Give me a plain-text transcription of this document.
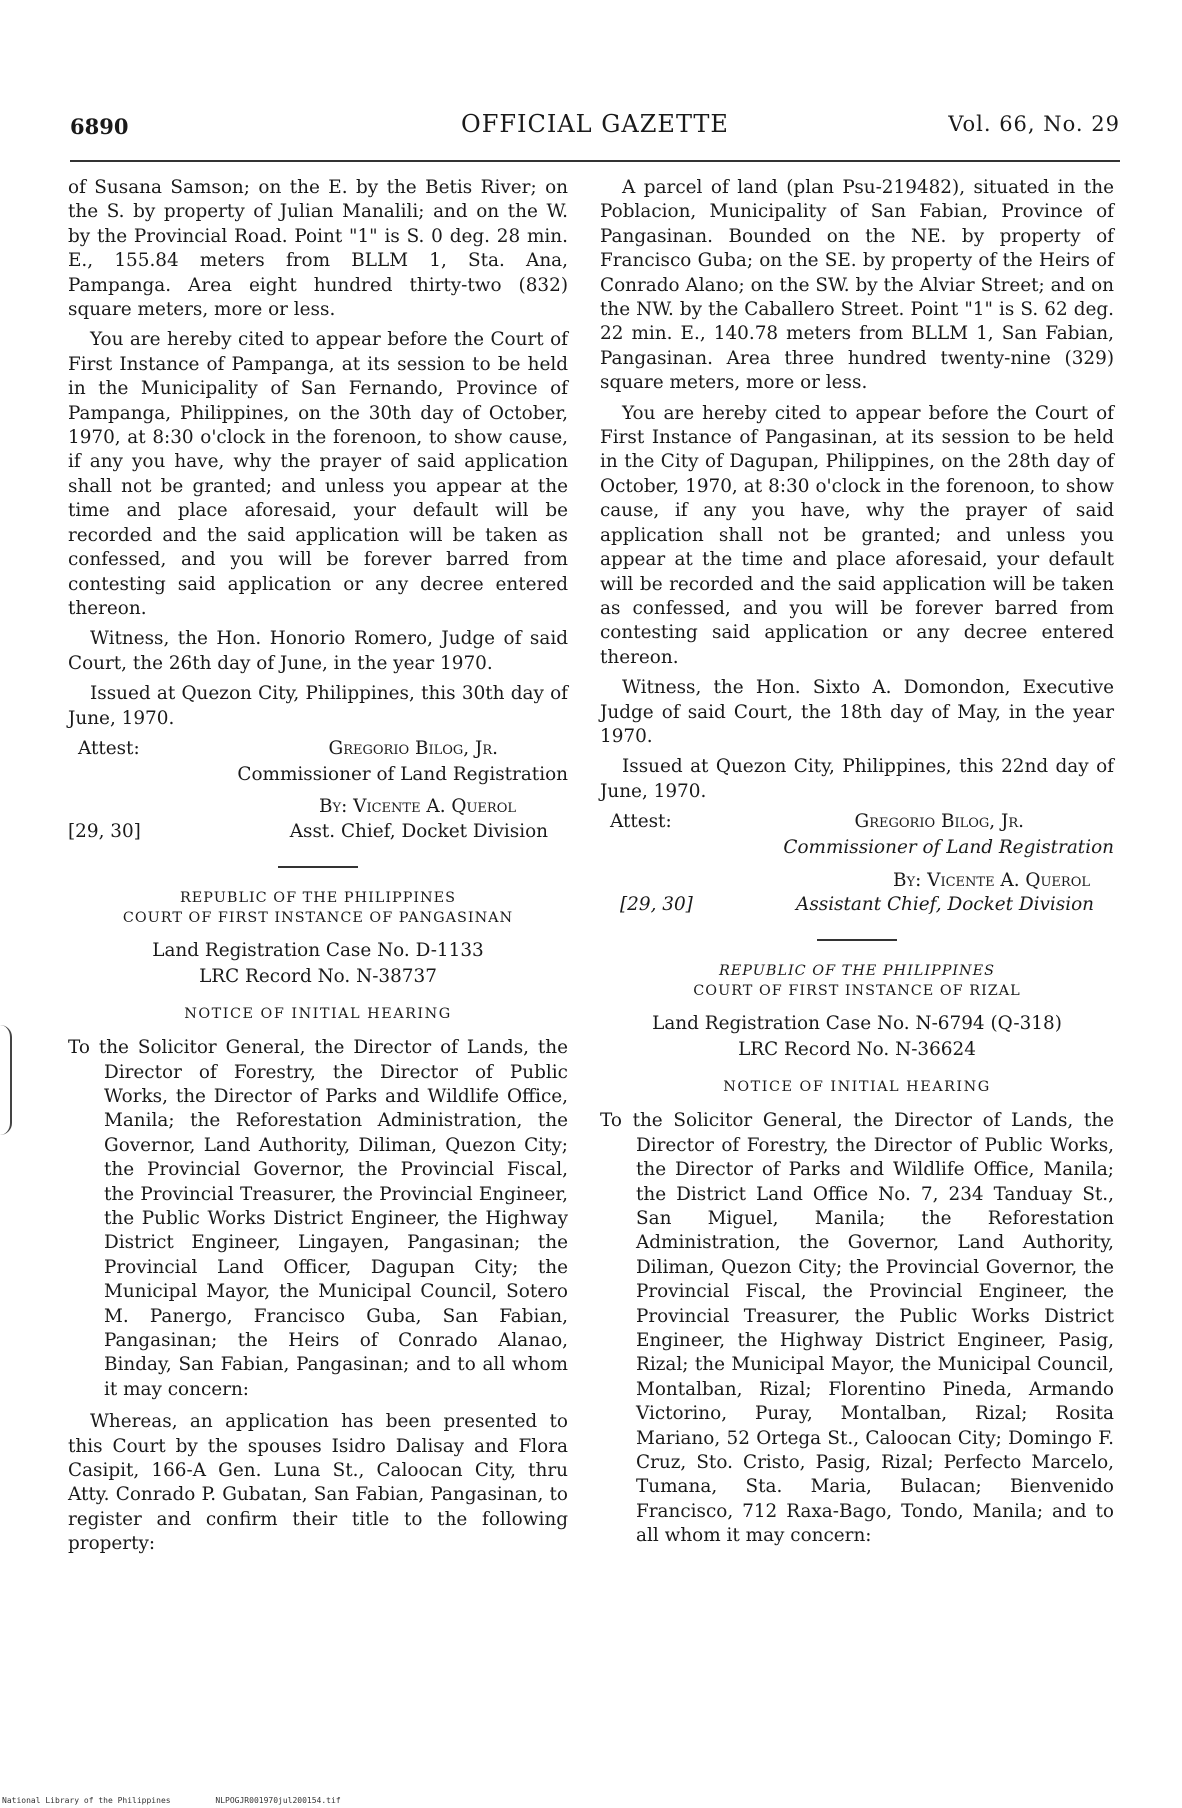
6890	OFFICIAL GAZETTE	Vol. 66, No. 29

of Susana Samson; on the E. by the Betis River; on the S. by property of Julian Manalili; and on the W. by the Provincial Road. Point "1" is S. 0 deg. 28 min. E., 155.84 meters from BLLM 1, Sta. Ana, Pampanga. Area eight hundred thirty-two (832) square meters, more or less.

You are hereby cited to appear before the Court of First Instance of Pampanga, at its session to be held in the Municipality of San Fernando, Province of Pampanga, Philippines, on the 30th day of October, 1970, at 8:30 o'clock in the forenoon, to show cause, if any you have, why the prayer of said application shall not be granted; and unless you appear at the time and place aforesaid, your default will be recorded and the said application will be taken as confessed, and you will be forever barred from contesting said application or any decree entered thereon.

Witness, the Hon. Honorio Romero, Judge of said Court, the 26th day of June, in the year 1970.

Issued at Quezon City, Philippines, this 30th day of June, 1970.

Attest:	Gregorio Bilog, Jr.
Commissioner of Land Registration
By: Vicente A. Querol
[29, 30]	Asst. Chief, Docket Division
REPUBLIC OF THE PHILIPPINES
COURT OF FIRST INSTANCE OF PANGASINAN
Land Registration Case No. D-1133
LRC Record No. N-38737
NOTICE OF INITIAL HEARING

To the Solicitor General, the Director of Lands, the Director of Forestry, the Director of Public Works, the Director of Parks and Wildlife Office, Manila; the Reforestation Administration, the Governor, Land Authority, Diliman, Quezon City; the Provincial Governor, the Provincial Fiscal, the Provincial Treasurer, the Provincial Engineer, the Public Works District Engineer, the Highway District Engineer, Lingayen, Pangasinan; the Provincial Land Officer, Dagupan City; the Municipal Mayor, the Municipal Council, Sotero M. Panergo, Francisco Guba, San Fabian, Pangasinan; the Heirs of Conrado Alanao, Binday, San Fabian, Pangasinan; and to all whom it may concern:

Whereas, an application has been presented to this Court by the spouses Isidro Dalisay and Flora Casipit, 166-A Gen. Luna St., Caloocan City, thru Atty. Conrado P. Gubatan, San Fabian, Pangasinan, to register and confirm their title to the following property:

A parcel of land (plan Psu-219482), situated in the Poblacion, Municipality of San Fabian, Province of Pangasinan. Bounded on the NE. by property of Francisco Guba; on the SE. by property of the Heirs of Conrado Alano; on the SW. by the Alviar Street; and on the NW. by the Caballero Street. Point "1" is S. 62 deg. 22 min. E., 140.78 meters from BLLM 1, San Fabian, Pangasinan. Area three hundred twenty-nine (329) square meters, more or less.

You are hereby cited to appear before the Court of First Instance of Pangasinan, at its session to be held in the City of Dagupan, Philippines, on the 28th day of October, 1970, at 8:30 o'clock in the forenoon, to show cause, if any you have, why the prayer of said application shall not be granted; and unless you appear at the time and place aforesaid, your default will be recorded and the said application will be taken as confessed, and you will be forever barred from contesting said application or any decree entered thereon.

Witness, the Hon. Sixto A. Domondon, Executive Judge of said Court, the 18th day of May, in the year 1970.

Issued at Quezon City, Philippines, this 22nd day of June, 1970.

Attest:	Gregorio Bilog, Jr.
Commissioner of Land Registration
By: Vicente A. Querol
[29, 30]	Assistant Chief, Docket Division
REPUBLIC OF THE PHILIPPINES
COURT OF FIRST INSTANCE OF RIZAL
Land Registration Case No. N-6794 (Q-318)
LRC Record No. N-36624
NOTICE OF INITIAL HEARING

To the Solicitor General, the Director of Lands, the Director of Forestry, the Director of Public Works, the Director of Parks and Wildlife Office, Manila; the District Land Office No. 7, 234 Tanduay St., San Miguel, Manila; the Reforestation Administration, the Governor, Land Authority, Diliman, Quezon City; the Provincial Governor, the Provincial Fiscal, the Provincial Engineer, the Provincial Treasurer, the Public Works District Engineer, the Highway District Engineer, Pasig, Rizal; the Municipal Mayor, the Municipal Council, Montalban, Rizal; Florentino Pineda, Armando Victorino, Puray, Montalban, Rizal; Rosita Mariano, 52 Ortega St., Caloocan City; Domingo F. Cruz, Sto. Cristo, Pasig, Rizal; Perfecto Marcelo, Tumana, Sta. Maria, Bulacan; Bienvenido Francisco, 712 Raxa-Bago, Tondo, Manila; and to all whom it may concern:

National Library of the Philippines	NLPOGJR001970jul200154.tif
